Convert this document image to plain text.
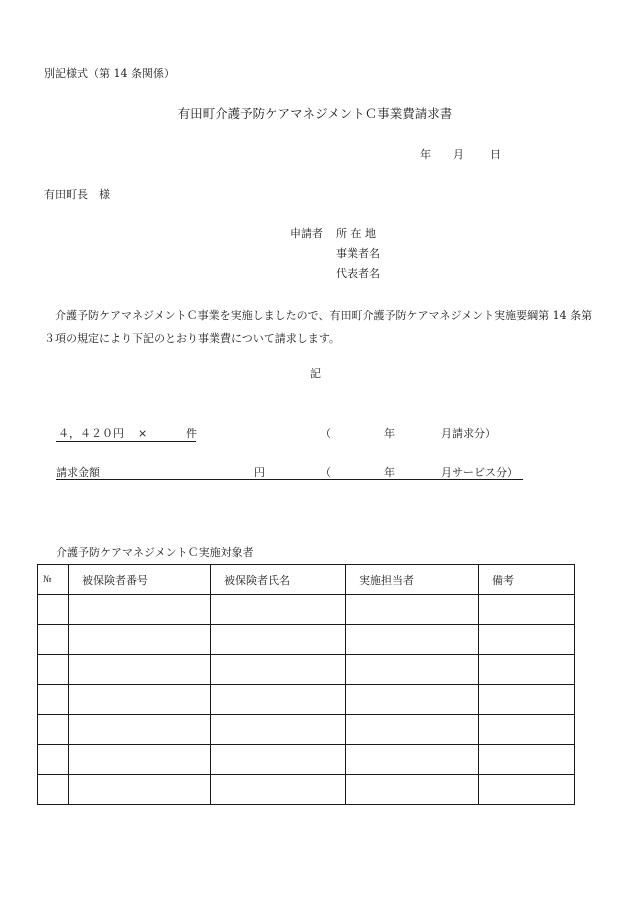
別記様式（第 14 条関係）
有田町介護予防ケアマネジメントＣ事業費請求書
年 月 日
有田町長　様
申請者 所 在 地
事業者名
代表者名
介護予防ケアマネジメントＣ事業を実施しましたので、有田町介護予防ケアマネジメント実施要綱第 14 条第３項の規定により下記のとおり事業費について請求します。
記
４，４２０円 ×	件	（	年	月請求分）
請求金額	円	（	年	月サービス分）
介護予防ケアマネジメントＣ実施対象者
№	被保険者番号	被保険者氏名	実施担当者	備考
